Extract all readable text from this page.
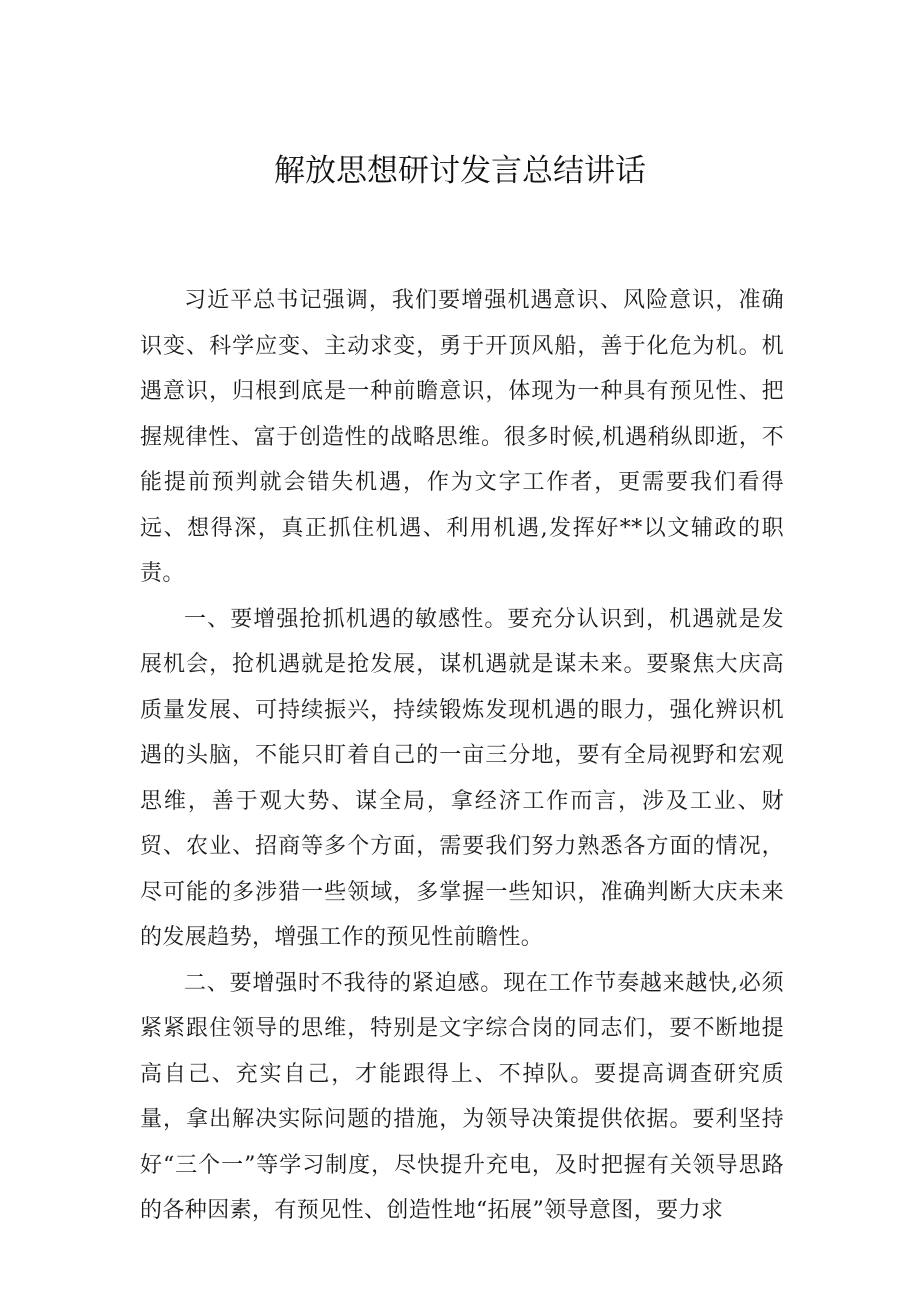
解放思想研讨发言总结讲话

习近平总书记强调，我们要增强机遇意识、风险意识，准确识变、科学应变、主动求变，勇于开顶风船，善于化危为机。机遇意识，归根到底是一种前瞻意识，体现为一种具有预见性、把握规律性、富于创造性的战略思维。很多时候,机遇稍纵即逝，不能提前预判就会错失机遇，作为文字工作者，更需要我们看得远、想得深，真正抓住机遇、利用机遇,发挥好**以文辅政的职责。

一、要增强抢抓机遇的敏感性。要充分认识到，机遇就是发展机会，抢机遇就是抢发展，谋机遇就是谋未来。要聚焦大庆高质量发展、可持续振兴，持续锻炼发现机遇的眼力，强化辨识机遇的头脑，不能只盯着自己的一亩三分地，要有全局视野和宏观思维，善于观大势、谋全局，拿经济工作而言，涉及工业、财贸、农业、招商等多个方面，需要我们努力熟悉各方面的情况，尽可能的多涉猎一些领域，多掌握一些知识，准确判断大庆未来的发展趋势，增强工作的预见性前瞻性。

二、要增强时不我待的紧迫感。现在工作节奏越来越快,必须紧紧跟住领导的思维，特别是文字综合岗的同志们，要不断地提高自己、充实自己，才能跟得上、不掉队。要提高调查研究质量，拿出解决实际问题的措施，为领导决策提供依据。要利坚持好“三个一”等学习制度，尽快提升充电，及时把握有关领导思路的各种因素，有预见性、创造性地“拓展”领导意图，要力求
